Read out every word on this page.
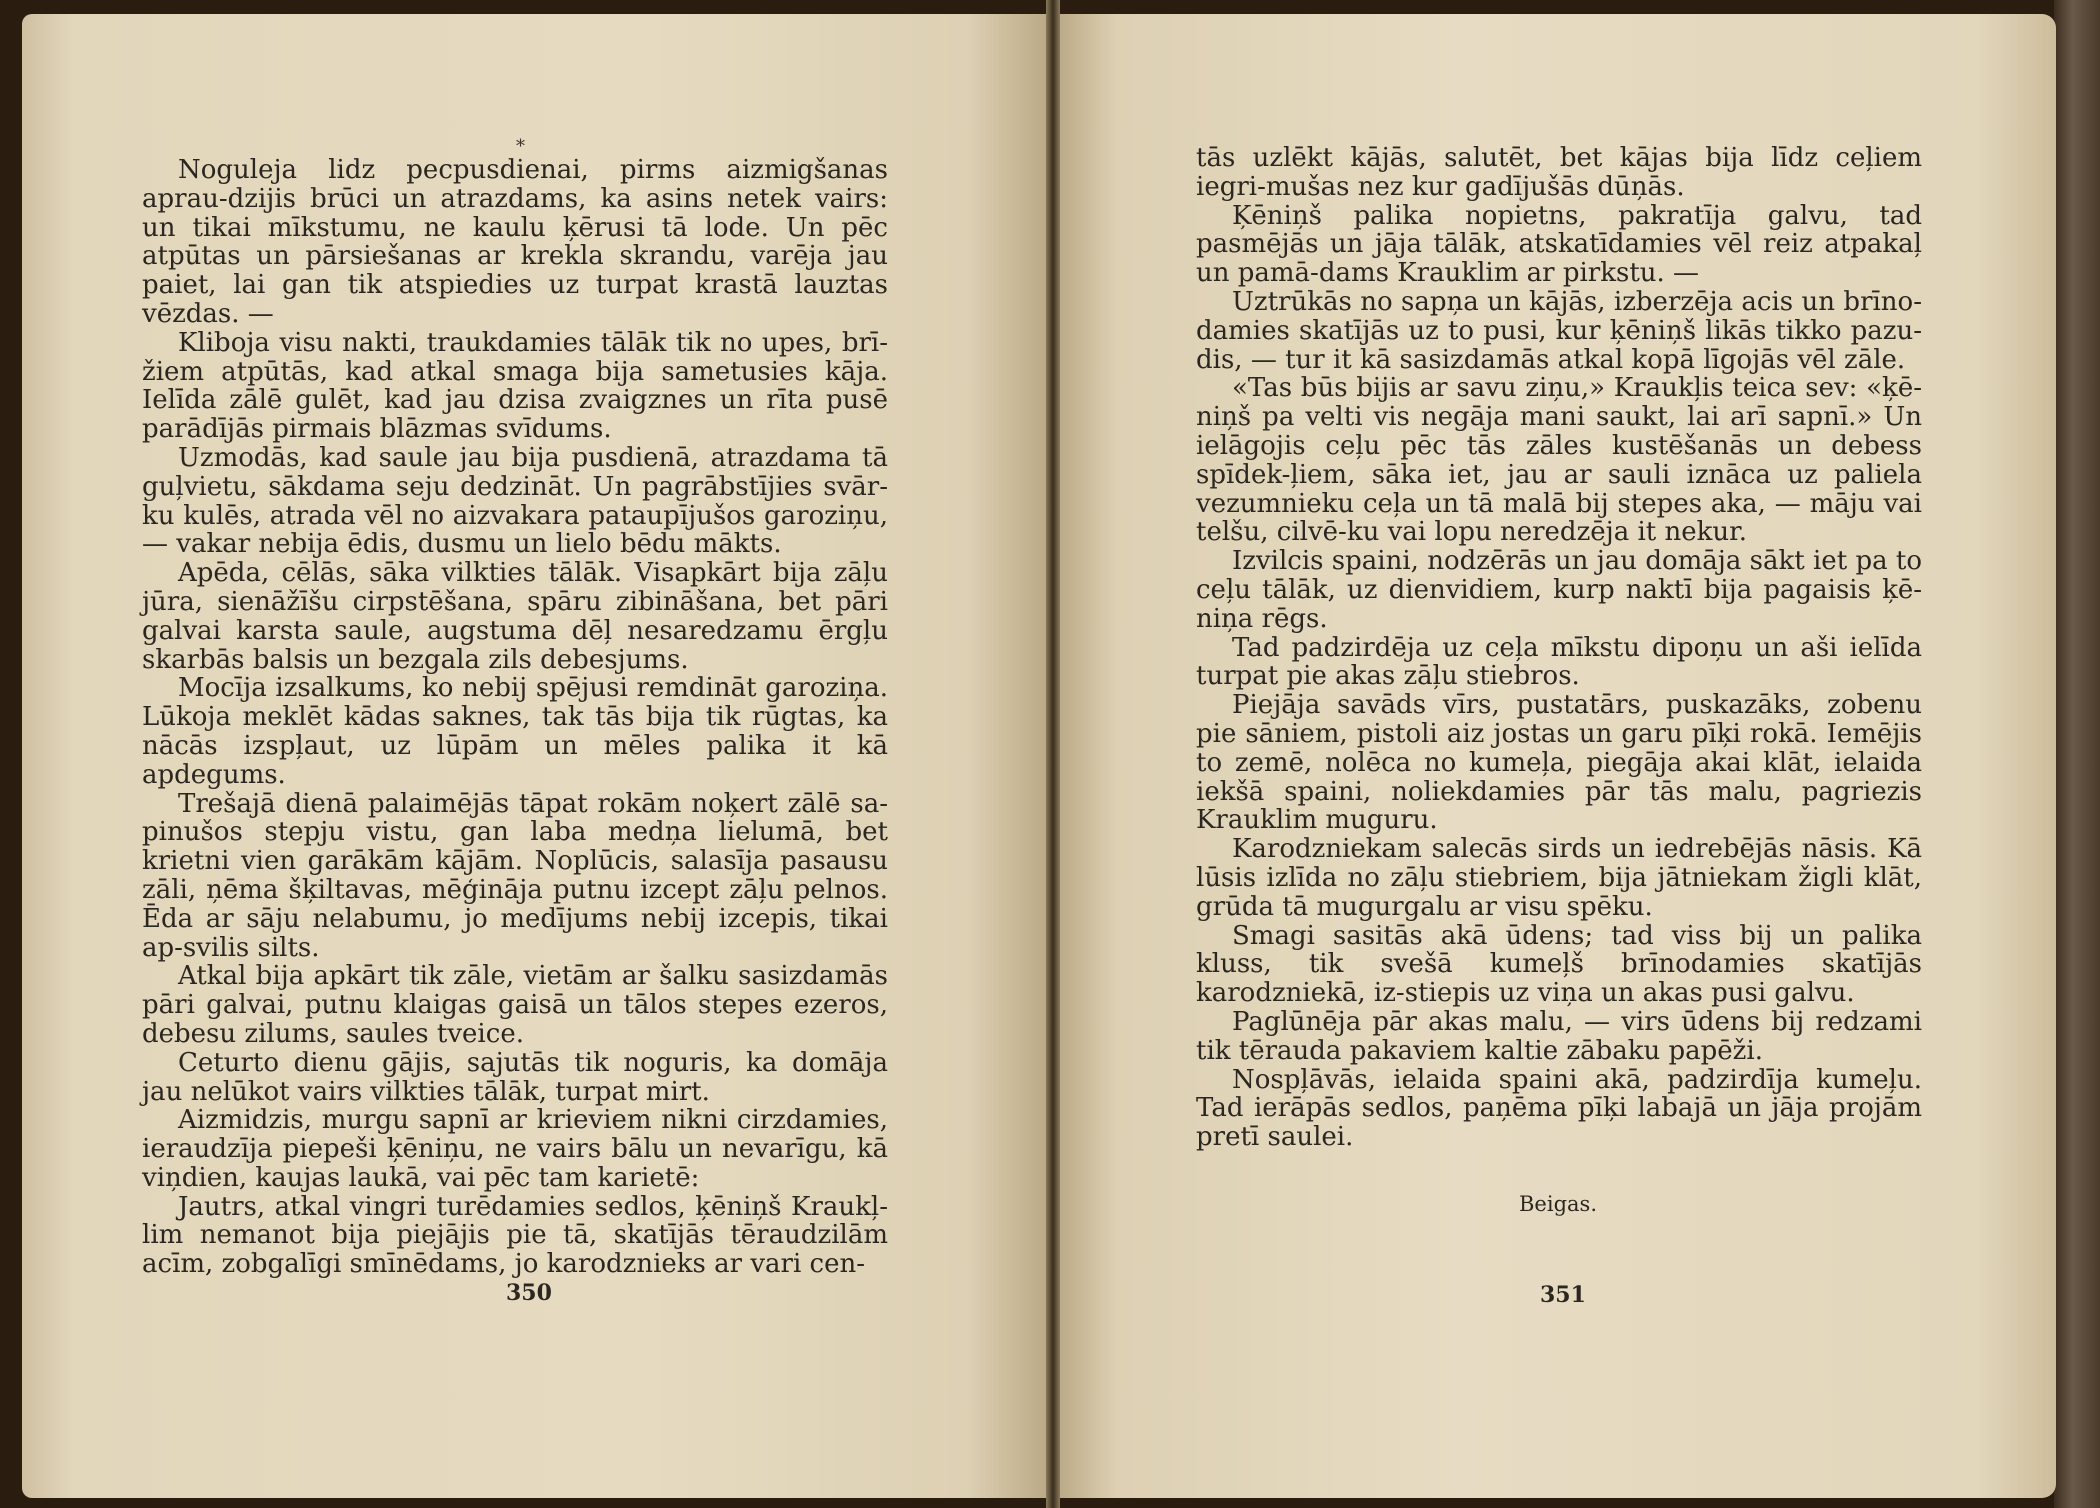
*

Noguleja lidz pecpusdienai, pirms aizmigšanas aprau-dzijis brūci un atrazdams, ka asins netek vairs: un tikai mīkstumu, ne kaulu ķērusi tā lode. Un pēc atpūtas un pārsiešanas ar krekla skrandu, varēja jau paiet, lai gan tik atspiedies uz turpat krastā lauztas vēzdas. —

Kliboja visu nakti, traukdamies tālāk tik no upes, brī-žiem atpūtās, kad atkal smaga bija sametusies kāja. Ielīda zālē gulēt, kad jau dzisa zvaigznes un rīta pusē parādījās pirmais blāzmas svīdums.

Uzmodās, kad saule jau bija pusdienā, atrazdama tā guļvietu, sākdama seju dedzināt. Un pagrābstījies svār-ku kulēs, atrada vēl no aizvakara pataupījušos garoziņu, — vakar nebija ēdis, dusmu un lielo bēdu mākts.

Apēda, cēlās, sāka vilkties tālāk. Visapkārt bija zāļu jūra, sienāžīšu cirpstēšana, spāru zibināšana, bet pāri galvai karsta saule, augstuma dēļ nesaredzamu ērgļu skarbās balsis un bezgala zils debesjums.

Mocīja izsalkums, ko nebij spējusi remdināt garoziņa. Lūkoja meklēt kādas saknes, tak tās bija tik rūgtas, ka nācās izspļaut, uz lūpām un mēles palika it kā apdegums.

Trešajā dienā palaimējās tāpat rokām noķert zālē sa-pinušos stepju vistu, gan laba medņa lielumā, bet krietni vien garākām kājām. Noplūcis, salasīja pasausu zāli, ņēma šķiltavas, mēģināja putnu izcept zāļu pelnos. Ēda ar sāju nelabumu, jo medījums nebij izcepis, tikai ap-svilis silts.

Atkal bija apkārt tik zāle, vietām ar šalku sasizdamās pāri galvai, putnu klaigas gaisā un tālos stepes ezeros, debesu zilums, saules tveice.

Ceturto dienu gājis, sajutās tik noguris, ka domāja jau nelūkot vairs vilkties tālāk, turpat mirt.

Aizmidzis, murgu sapnī ar krieviem nikni cirzdamies, ieraudzīja piepeši ķēniņu, ne vairs bālu un nevarīgu, kā viņdien, kaujas laukā, vai pēc tam karietē:

Jautrs, atkal vingri turēdamies sedlos, ķēniņš Kraukļ-lim nemanot bija piejājis pie tā, skatījās tēraudzilām acīm, zobgalīgi smīnēdams, jo karodznieks ar vari cen-

350

tās uzlēkt kājās, salutēt, bet kājas bija līdz ceļiem iegri-mušas nez kur gadījušās dūņās.

Ķēniņš palika nopietns, pakratīja galvu, tad pasmējās un jāja tālāk, atskatīdamies vēl reiz atpakaļ un pamā-dams Krauklim ar pirkstu. —

Uztrūkās no sapņa un kājās, izberzēja acis un brīno-damies skatījās uz to pusi, kur ķēniņš likās tikko pazu-dis, — tur it kā sasizdamās atkal kopā līgojās vēl zāle.

«Tas būs bijis ar savu ziņu,» Kraukļis teica sev: «ķē-niņš pa velti vis negāja mani saukt, lai arī sapnī.» Un ielāgojis ceļu pēc tās zāles kustēšanās un debess spīdek-ļiem, sāka iet, jau ar sauli iznāca uz paliela vezumnieku ceļa un tā malā bij stepes aka, — māju vai telšu, cilvē-ku vai lopu neredzēja it nekur.

Izvilcis spaini, nodzērās un jau domāja sākt iet pa to ceļu tālāk, uz dienvidiem, kurp naktī bija pagaisis ķē-niņa rēgs.

Tad padzirdēja uz ceļa mīkstu dipoņu un aši ielīda turpat pie akas zāļu stiebros.

Piejāja savāds vīrs, pustatārs, puskazāks, zobenu pie sāniem, pistoli aiz jostas un garu pīķi rokā. Iemējis to zemē, nolēca no kumeļa, piegāja akai klāt, ielaida iekšā spaini, noliekdamies pār tās malu, pagriezis Krauklim muguru.

Karodzniekam salecās sirds un iedrebējās nāsis. Kā lūsis izlīda no zāļu stiebriem, bija jātniekam žigli klāt, grūda tā mugurgalu ar visu spēku.

Smagi sasitās akā ūdens; tad viss bij un palika kluss, tik svešā kumeļš brīnodamies skatījās karodzniekā, iz-stiepis uz viņa un akas pusi galvu.

Paglūnēja pār akas malu, — virs ūdens bij redzami tik tērauda pakaviem kaltie zābaku papēži.

Nospļāvās, ielaida spaini akā, padzirdīja kumeļu. Tad ierāpās sedlos, paņēma pīķi labajā un jāja projām pretī saulei.

Beigas.
351
